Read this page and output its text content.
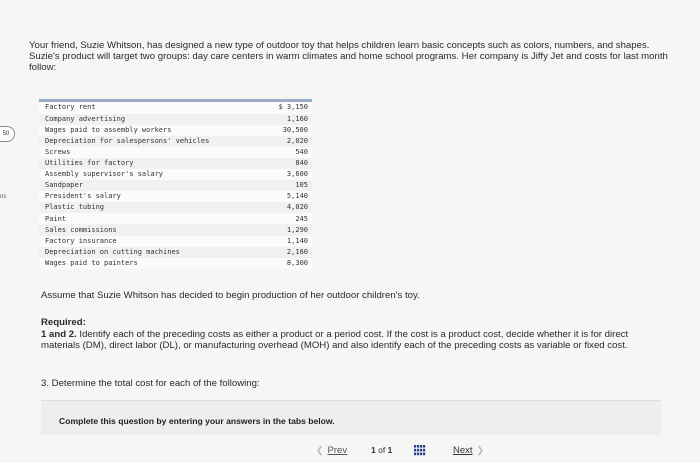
50
ns
Your friend, Suzie Whitson, has designed a new type of outdoor toy that helps children learn basic concepts such as colors, numbers, and shapes. Suzie's product will target two groups: day care centers in warm climates and home school programs. Her company is Jiffy Jet and costs for last month follow:
Factory rent	$ 3,150
Company advertising	1,160
Wages paid to assembly workers	30,500
Depreciation for salespersons' vehicles	2,020
Screws	540
Utilities for factory	840
Assembly supervisor's salary	3,600
Sandpaper	105
President's salary	5,140
Plastic tubing	4,020
Paint	245
Sales commissions	1,290
Factory insurance	1,140
Depreciation on cutting machines	2,160
Wages paid to painters	8,300
Assume that Suzie Whitson has decided to begin production of her outdoor children's toy.
Required:
1 and 2. Identify each of the preceding costs as either a product or a period cost. If the cost is a product cost, decide whether it is for direct materials (DM), direct labor (DL), or manufacturing overhead (MOH) and also identify each of the preceding costs as variable or fixed cost.
3. Determine the total cost for each of the following:
Complete this question by entering your answers in the tabs below.
❮ Prev	1 of 1	Next ❯
